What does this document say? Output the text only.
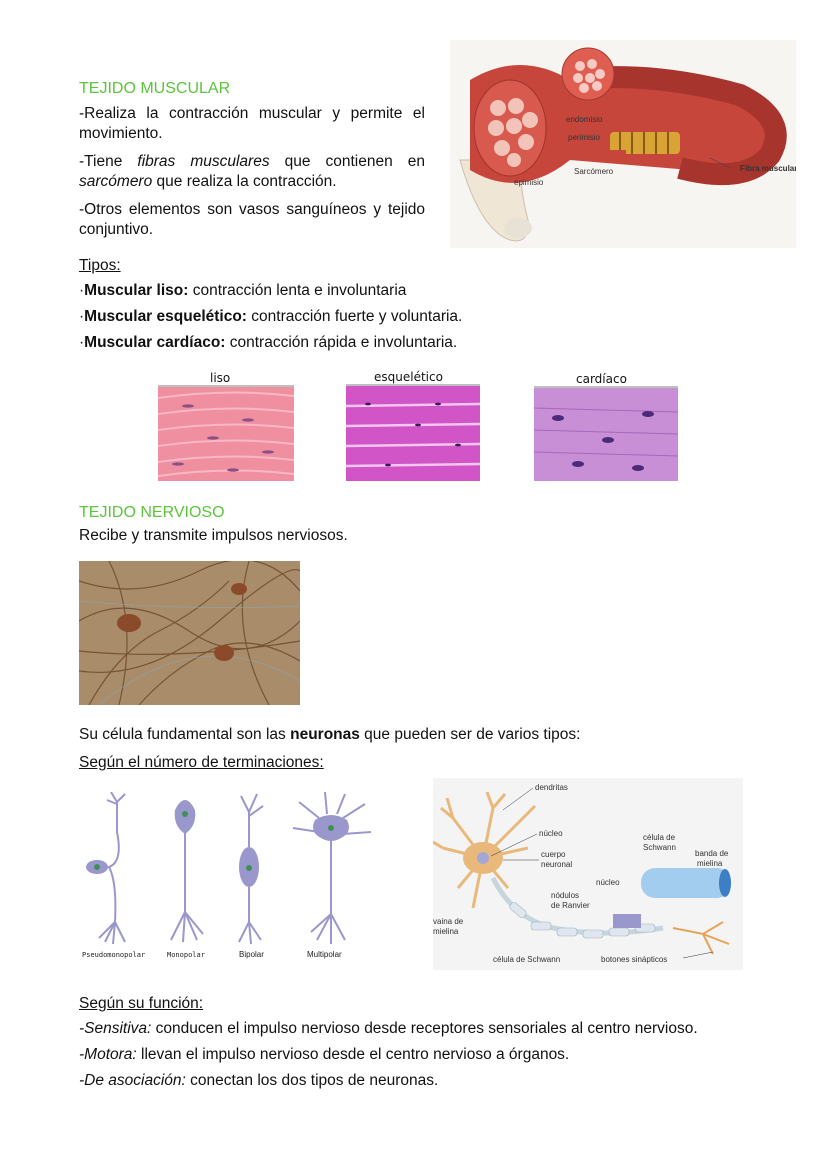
TEJIDO MUSCULAR
-Realiza la contracción muscular y permite el movimiento.
-Tiene fibras musculares que contienen en sarcómero que realiza la contracción.
-Otros elementos son vasos sanguíneos y tejido conjuntivo.
endomisio
perimisio
epimisio
Sarcómero	Fibra muscular
Tipos:
·Muscular liso: contracción lenta e involuntaria
·Muscular esquelético: contracción fuerte y voluntaria.
·Muscular cardíaco: contracción rápida e involuntaria.
liso	esquelético	cardíaco
TEJIDO NERVIOSO
Recibe y transmite impulsos nerviosos.
Su célula fundamental son las neuronas que pueden ser de varios tipos:
Según el número de terminaciones:
Pseudomonopolar	Monopolar	Bipolar	Multipolar
dendritas
núcleo
cuerpo
neuronal
célula de
Schwann
banda de
mielina
núcleo
nódulos
de Ranvier
vaina de
mielina
célula de Schwann	botones sinápticos
Según su función:
-Sensitiva: conducen el impulso nervioso desde receptores sensoriales al centro nervioso.
-Motora: llevan el impulso nervioso desde el centro nervioso a órganos.
-De asociación: conectan los dos tipos de neuronas.
